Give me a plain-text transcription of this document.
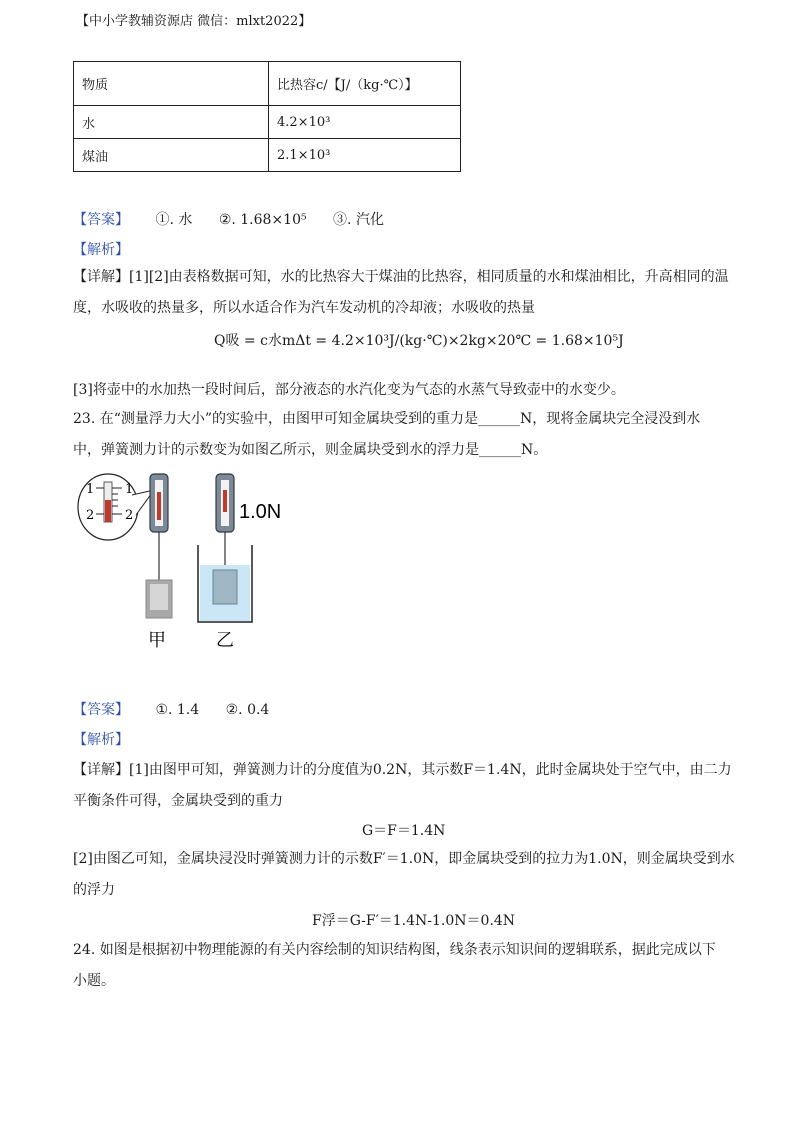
【中小学教辅资源店 微信：mlxt2022】
物质	比热容c/【J/（kg·℃）】
水	4.2×10³
煤油	2.1×10³
【答案】 ①. 水 ②. 1.68×10⁵ ③. 汽化
【解析】
【详解】[1][2]由表格数据可知，水的比热容大于煤油的比热容，相同质量的水和煤油相比，升高相同的温
度，水吸收的热量多，所以水适合作为汽车发动机的冷却液；水吸收的热量
Q吸 = c水mΔt = 4.2×10³J/(kg·℃)×2kg×20℃ = 1.68×10⁵J
[3]将壶中的水加热一段时间后，部分液态的水汽化变为气态的水蒸气导致壶中的水变少。
23. 在“测量浮力大小”的实验中，由图甲可知金属块受到的重力是______N，现将金属块完全浸没到水
中，弹簧测力计的示数变为如图乙所示，则金属块受到水的浮力是______N。
1
2
1
2	1.0N
甲	乙
【答案】 ①. 1.4 ②. 0.4
【解析】
【详解】[1]由图甲可知，弹簧测力计的分度值为0.2N，其示数F＝1.4N，此时金属块处于空气中，由二力
平衡条件可得，金属块受到的重力
G＝F＝1.4N
[2]由图乙可知，金属块浸没时弹簧测力计的示数F′＝1.0N，即金属块受到的拉力为1.0N，则金属块受到水
的浮力
F浮＝G-F′＝1.4N-1.0N＝0.4N
24. 如图是根据初中物理能源的有关内容绘制的知识结构图，线条表示知识间的逻辑联系，据此完成以下
小题。
